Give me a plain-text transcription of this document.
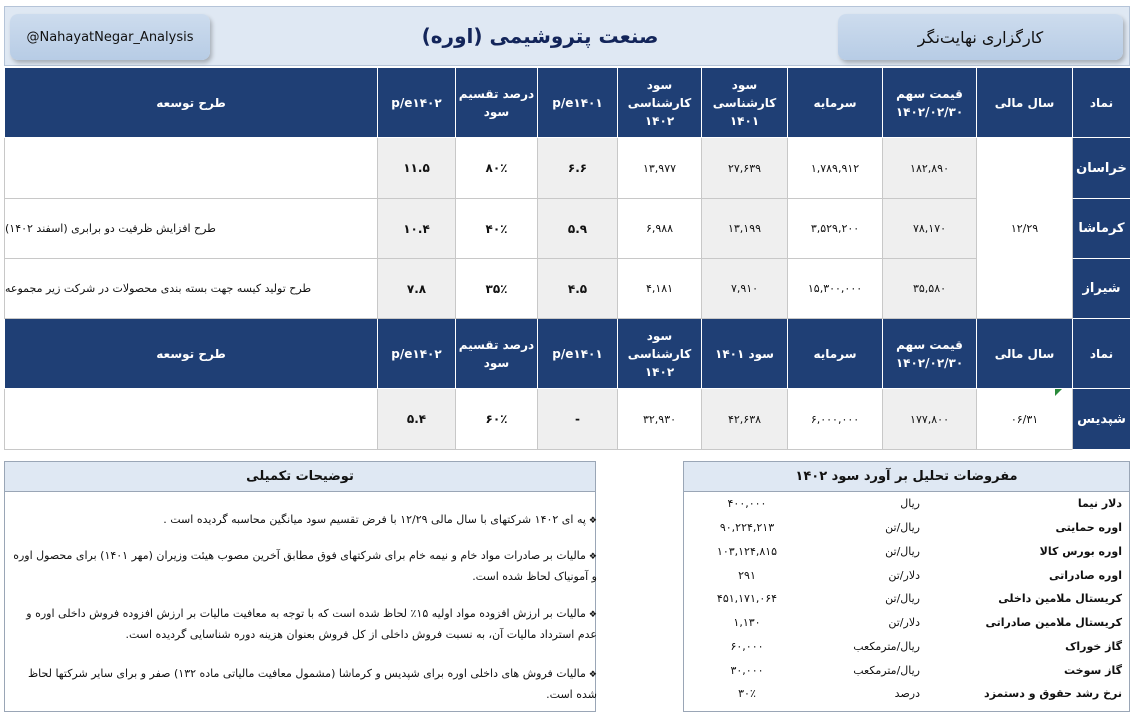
@NahayatNegar_Analysis	صنعت پتروشیمی (اوره)	کارگزاری نهایت‌نگر
نماد
سال مالی
قیمت سهم ۱۴۰۲/۰۲/۳۰
سرمایه
سود کارشناسی ۱۴۰۱
سود کارشناسی ۱۴۰۲
p/e۱۴۰۱
درصد تقسیم سود
p/e۱۴۰۲
طرح توسعه
خراسان
۱۲/۲۹
۱۸۲,۸۹۰
۱,۷۸۹,۹۱۲
۲۷,۶۳۹
۱۳,۹۷۷
۶.۶
۸۰٪
۱۱.۵
کرماشا
۷۸,۱۷۰
۳,۵۲۹,۲۰۰
۱۳,۱۹۹
۶,۹۸۸
۵.۹
۴۰٪
۱۰.۴
طرح افزایش ظرفیت دو برابری (اسفند ۱۴۰۲)
شیراز
۳۵,۵۸۰
۱۵,۳۰۰,۰۰۰
۷,۹۱۰
۴,۱۸۱
۴.۵
۳۵٪
۷.۸
طرح تولید کیسه جهت بسته بندی محصولات در شرکت زیر مجموعه
نماد
سال مالی
قیمت سهم ۱۴۰۲/۰۲/۳۰
سرمایه
سود ۱۴۰۱
سود کارشناسی ۱۴۰۲
p/e۱۴۰۱
درصد تقسیم سود
p/e۱۴۰۲
طرح توسعه
شپدیس
۰۶/۳۱
۱۷۷,۸۰۰
۶,۰۰۰,۰۰۰
۴۲,۶۳۸
۳۲,۹۳۰
-
۶۰٪
۵.۴
توضیحات تکمیلی
❖په ای ۱۴۰۲ شرکتهای با سال مالی ۱۲/۲۹ با فرض تقسیم سود میانگین محاسبه گردیده است .
❖مالیات بر صادرات مواد خام و نیمه خام برای شرکتهای فوق مطابق آخرین مصوب هیئت وزیران (مهر ۱۴۰۱) برای محصول اوره و آمونیاک لحاظ شده است.
❖مالیات بر ارزش افزوده مواد اولیه ۱۵٪ لحاظ شده است که با توجه به معافیت مالیات بر ارزش افزوده فروش داخلی اوره و عدم استرداد مالیات آن، به نسبت فروش داخلی از کل فروش بعنوان هزینه دوره شناسایی گردیده است.
❖مالیات فروش های داخلی اوره برای شپدیس و کرماشا (مشمول معافیت مالیاتی ماده ۱۳۲) صفر و برای سایر شرکتها لحاظ شده است.
مفروضات تحلیل بر آورد سود ۱۴۰۲
دلار نیما
ریال
۴۰۰,۰۰۰
اوره حمایتی
ریال/تن
۹۰,۲۲۴,۲۱۳
اوره بورس کالا
ریال/تن
۱۰۳,۱۲۴,۸۱۵
اوره صادراتی
دلار/تن
۲۹۱
کریستال ملامین داخلی
ریال/تن
۴۵۱,۱۷۱,۰۶۴
کریستال ملامین صادراتی
دلار/تن
۱,۱۳۰
گاز خوراک
ریال/مترمکعب
۶۰,۰۰۰
گاز سوخت
ریال/مترمکعب
۳۰,۰۰۰
نرخ رشد حقوق و دستمزد
درصد
۳۰٪
